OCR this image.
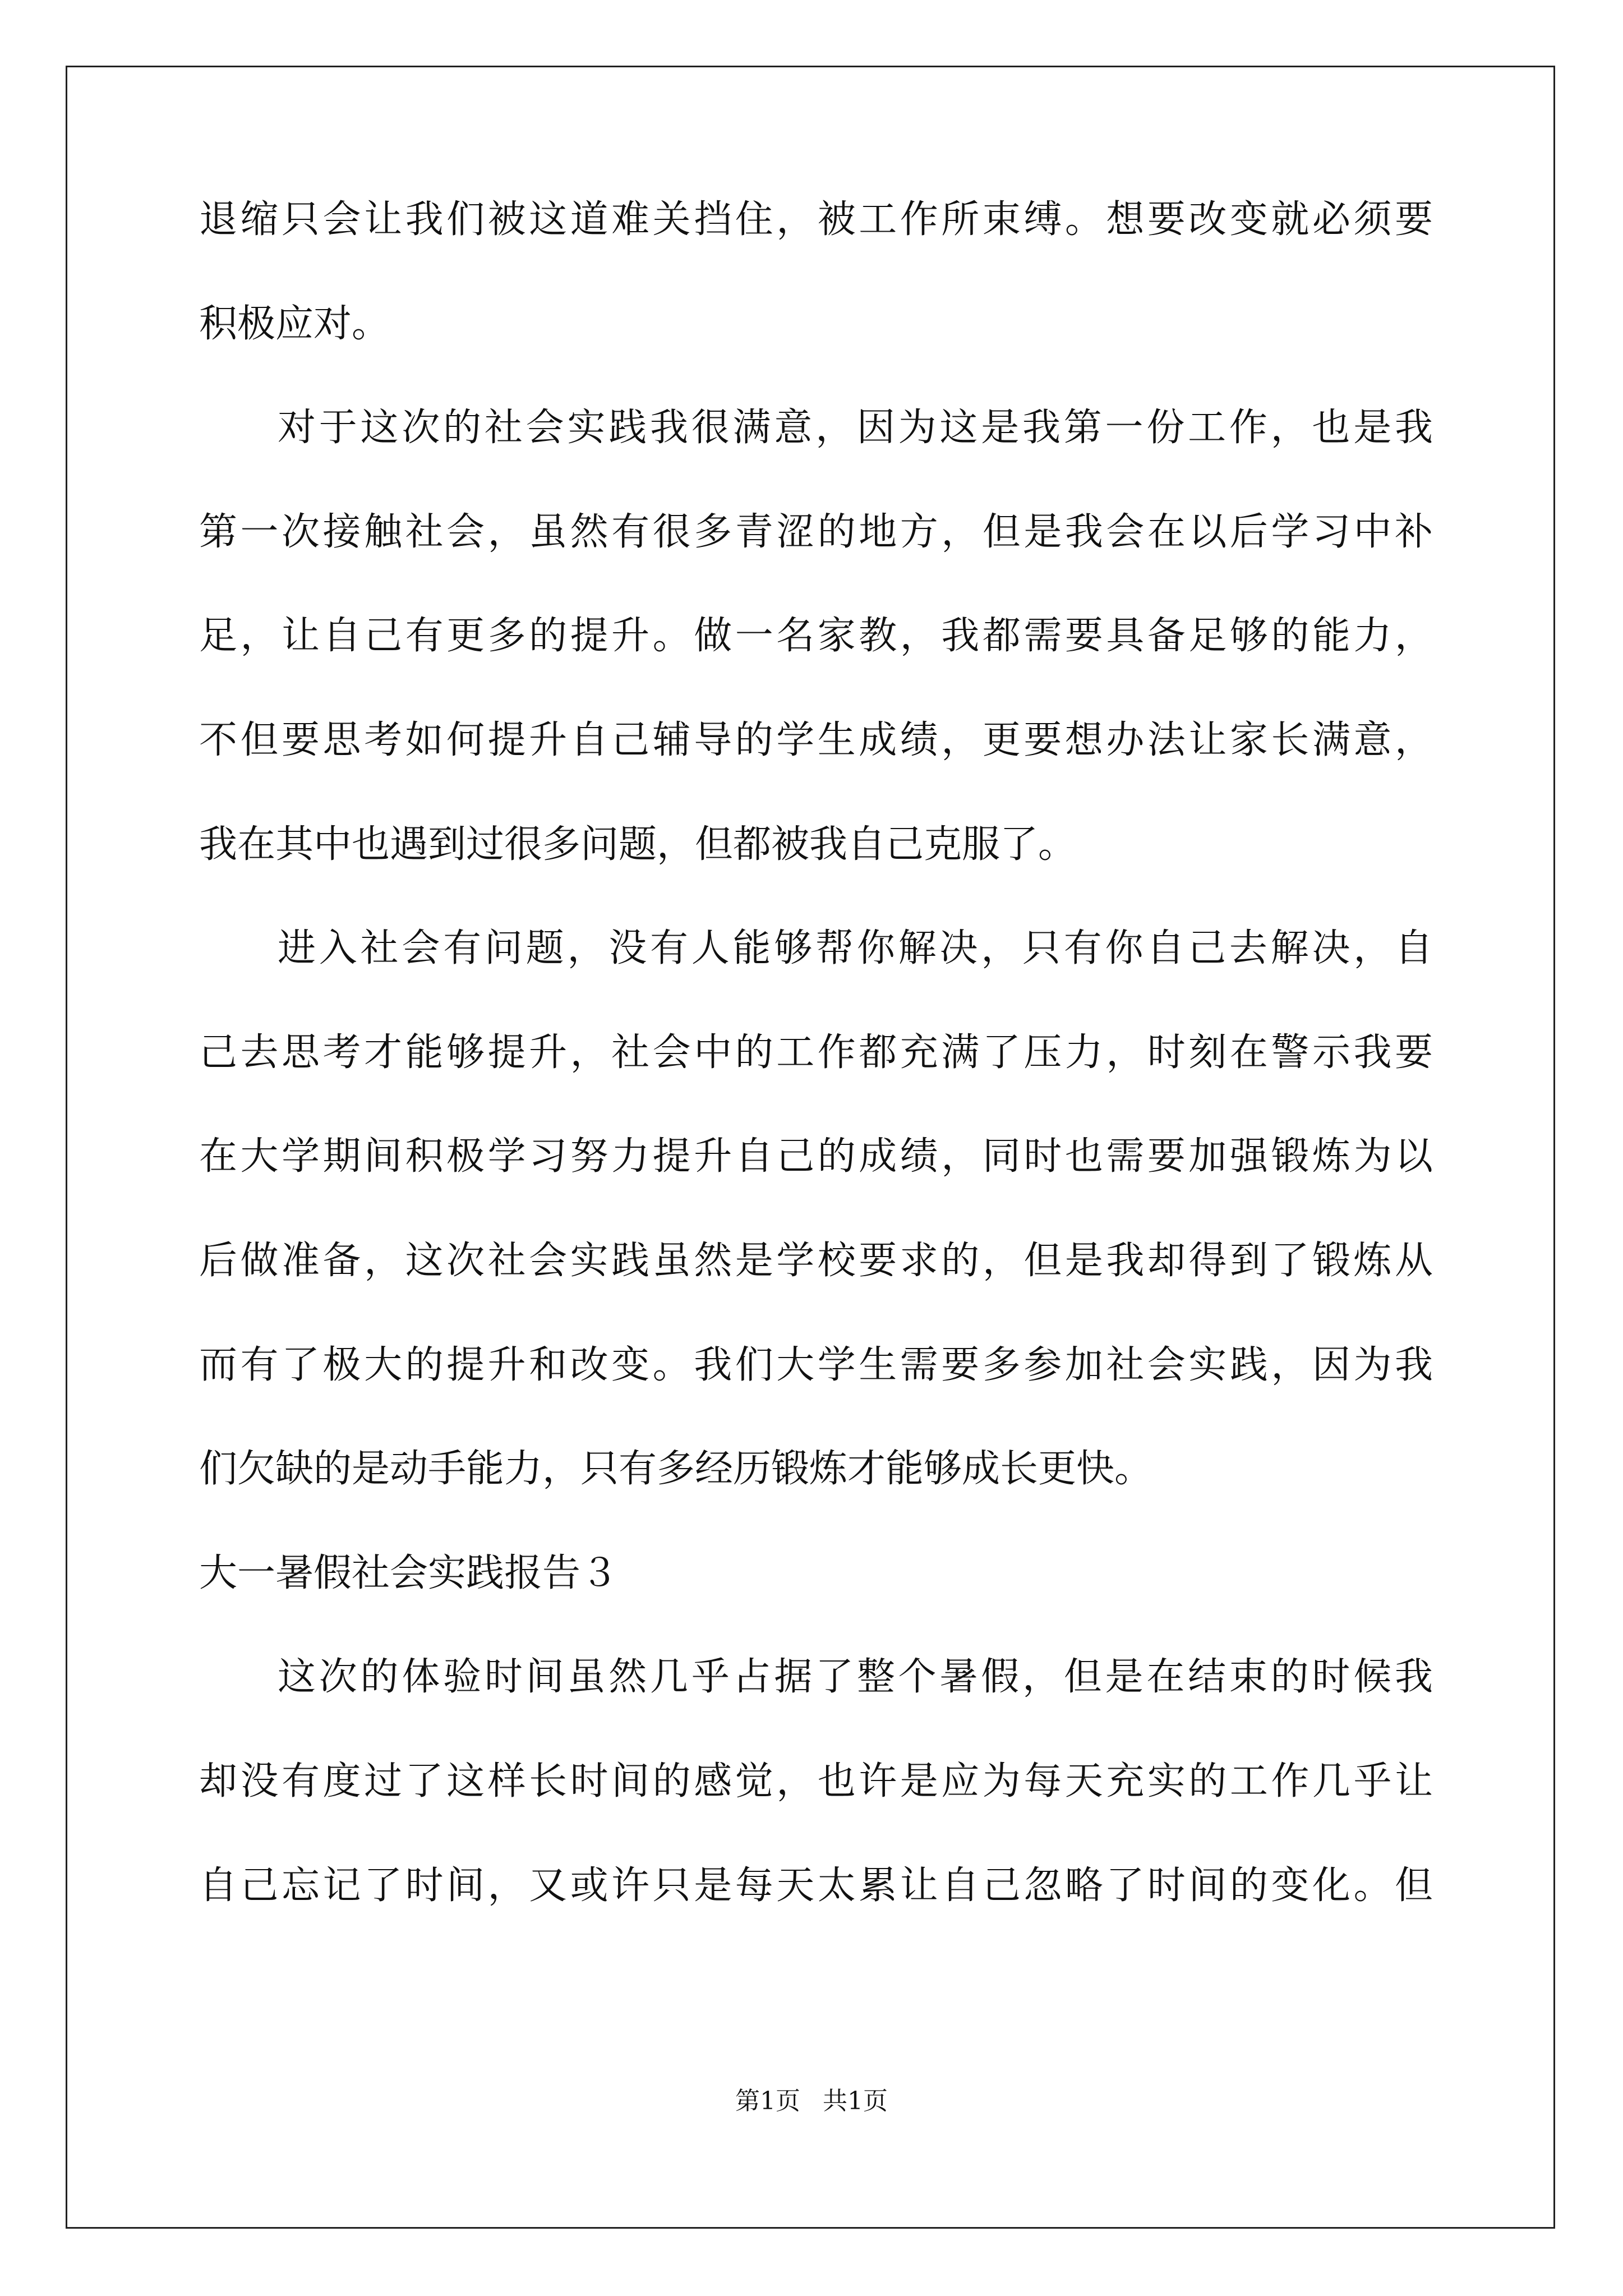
退缩只会让我们被这道难关挡住，被工作所束缚。想要改变就必须要
积极应对。
对于这次的社会实践我很满意，因为这是我第一份工作，也是我
第一次接触社会，虽然有很多青涩的地方，但是我会在以后学习中补
足，让自己有更多的提升。做一名家教，我都需要具备足够的能力，
不但要思考如何提升自己辅导的学生成绩，更要想办法让家长满意，
我在其中也遇到过很多问题，但都被我自己克服了。
进入社会有问题，没有人能够帮你解决，只有你自己去解决，自
己去思考才能够提升，社会中的工作都充满了压力，时刻在警示我要
在大学期间积极学习努力提升自己的成绩，同时也需要加强锻炼为以
后做准备，这次社会实践虽然是学校要求的，但是我却得到了锻炼从
而有了极大的提升和改变。我们大学生需要多参加社会实践，因为我
们欠缺的是动手能力，只有多经历锻炼才能够成长更快。
大一暑假社会实践报告３
这次的体验时间虽然几乎占据了整个暑假，但是在结束的时候我
却没有度过了这样长时间的感觉，也许是应为每天充实的工作几乎让
自己忘记了时间，又或许只是每天太累让自己忽略了时间的变化。但
第1页 共1页
